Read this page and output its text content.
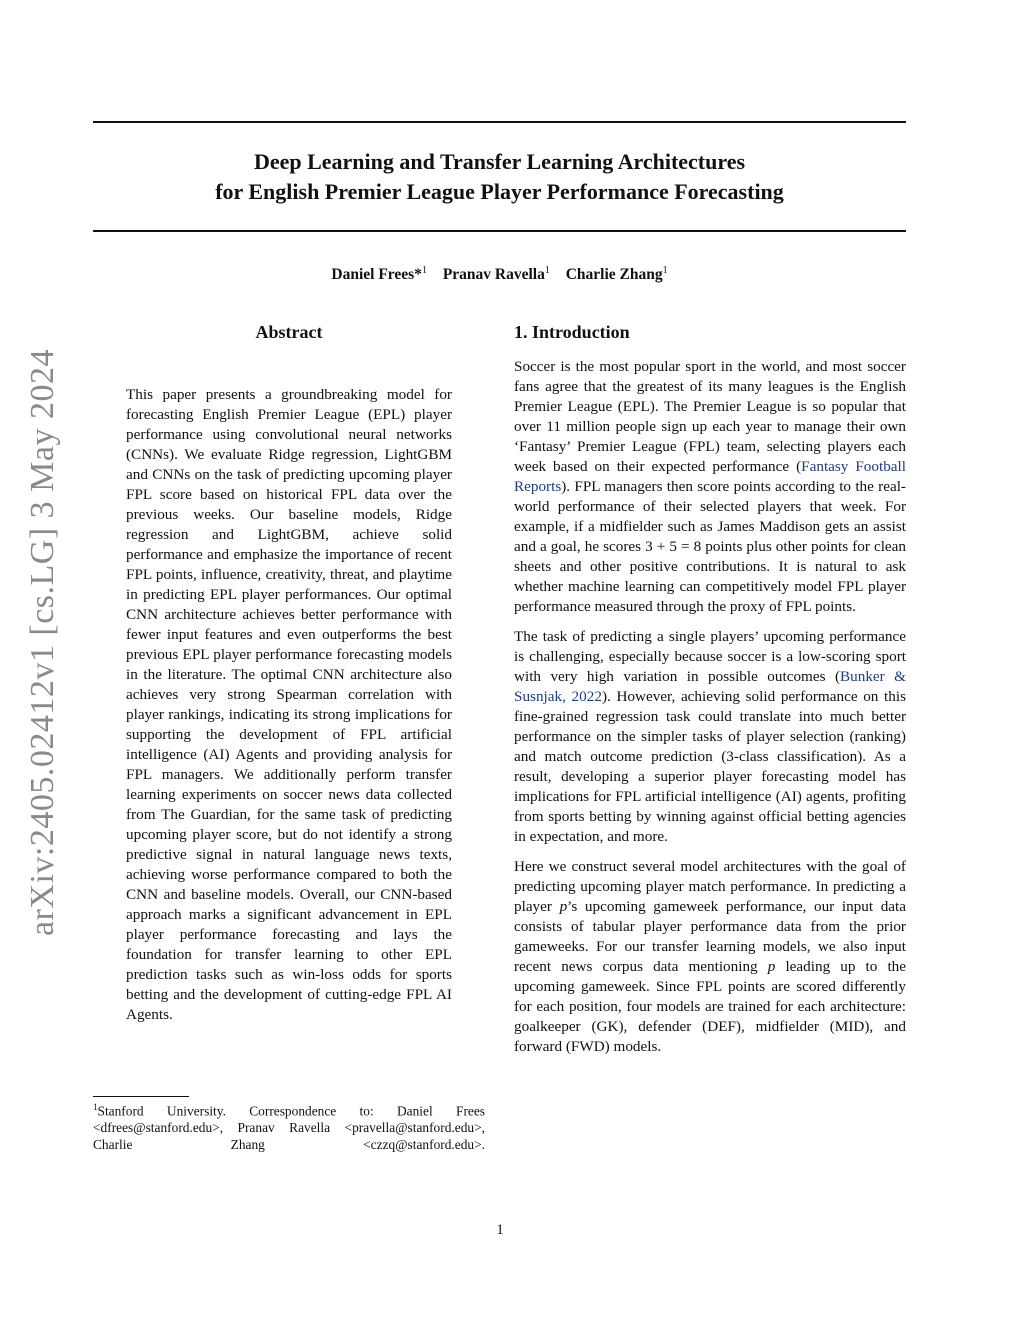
arXiv:2405.02412v1 [cs.LG] 3 May 2024
Deep Learning and Transfer Learning Architectures
for English Premier League Player Performance Forecasting
Daniel Frees*$^1$ Pranav Ravella$^1$ Charlie Zhang$^1$
Abstract
This paper presents a groundbreaking model for forecasting English Premier League (EPL) player performance using convolutional neural networks (CNNs). We evaluate Ridge regression, LightGBM and CNNs on the task of predicting upcoming player FPL score based on historical FPL data over the previous weeks. Our baseline models, Ridge regression and LightGBM, achieve solid performance and emphasize the importance of recent FPL points, influence, creativity, threat, and playtime in predicting EPL player performances. Our optimal CNN architecture achieves better performance with fewer input features and even outperforms the best previous EPL player performance forecasting models in the literature. The optimal CNN architecture also achieves very strong Spearman correlation with player rankings, indicating its strong implications for supporting the development of FPL artificial intelligence (AI) Agents and providing analysis for FPL managers. We additionally perform transfer learning experiments on soccer news data collected from The Guardian, for the same task of predicting upcoming player score, but do not identify a strong predictive signal in natural language news texts, achieving worse performance compared to both the CNN and baseline models. Overall, our CNN-based approach marks a significant advancement in EPL player performance forecasting and lays the foundation for transfer learning to other EPL prediction tasks such as win-loss odds for sports betting and the development of cutting-edge FPL AI Agents.
1. Introduction

Soccer is the most popular sport in the world, and most soccer fans agree that the greatest of its many leagues is the English Premier League (EPL). The Premier League is so popular that over 11 million people sign up each year to manage their own ‘Fantasy’ Premier League (FPL) team, selecting players each week based on their expected performance (Fantasy Football Reports). FPL managers then score points according to the real-world performance of their selected players that week. For example, if a midfielder such as James Maddison gets an assist and a goal, he scores 3 + 5 = 8 points plus other points for clean sheets and other positive contributions. It is natural to ask whether machine learning can competitively model FPL player performance measured through the proxy of FPL points.

The task of predicting a single players’ upcoming performance is challenging, especially because soccer is a low-scoring sport with very high variation in possible outcomes (Bunker & Susnjak, 2022). However, achieving solid performance on this fine-grained regression task could translate into much better performance on the simpler tasks of player selection (ranking) and match outcome prediction (3-class classification). As a result, developing a superior player forecasting model has implications for FPL artificial intelligence (AI) agents, profiting from sports betting by winning against official betting agencies in expectation, and more.

Here we construct several model architectures with the goal of predicting upcoming player match performance. In predicting a player p’s upcoming gameweek performance, our input data consists of tabular player performance data from the prior gameweeks. For our transfer learning models, we also input recent news corpus data mentioning p leading up to the upcoming gameweek. Since FPL points are scored differently for each position, four models are trained for each architecture: goalkeeper (GK), defender (DEF), midfielder (MID), and forward (FWD) models.

$^1$Stanford University. Correspondence to: Daniel Frees <dfrees@stanford.edu>, Pranav Ravella <pravella@stanford.edu>, Charlie Zhang <czzq@stanford.edu>.
1
